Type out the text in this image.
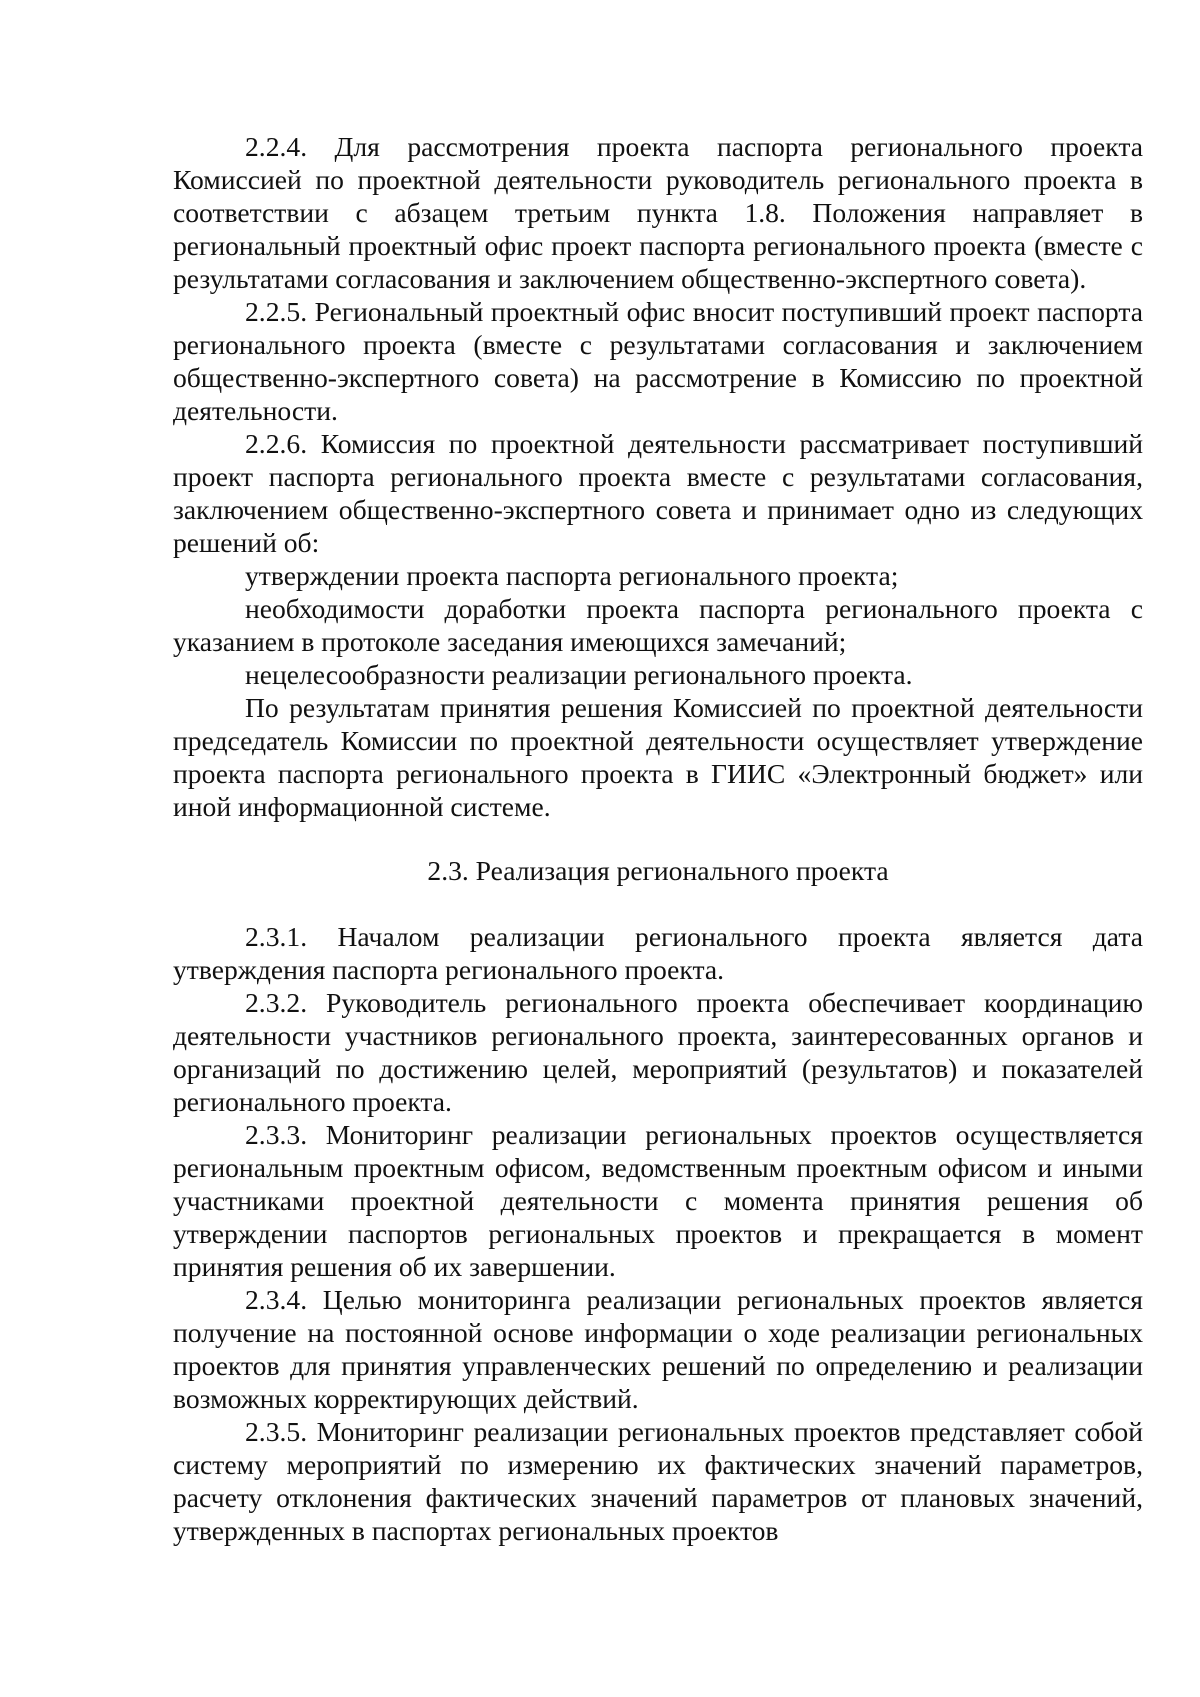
2.2.4. Для рассмотрения проекта паспорта регионального проекта Комиссией по проектной деятельности руководитель регионального проекта в соответствии с абзацем третьим пункта 1.8. Положения направляет в региональный проектный офис проект паспорта регионального проекта (вместе с результатами согласования и заключением общественно-экспертного совета).

2.2.5. Региональный проектный офис вносит поступивший проект паспорта регионального проекта (вместе с результатами согласования и заключением общественно-экспертного совета) на рассмотрение в Комиссию по проектной деятельности.

2.2.6. Комиссия по проектной деятельности рассматривает поступивший проект паспорта регионального проекта вместе с результатами согласования, заключением общественно-экспертного совета и принимает одно из следующих решений об:

утверждении проекта паспорта регионального проекта;

необходимости доработки проекта паспорта регионального проекта с указанием в протоколе заседания имеющихся замечаний;

нецелесообразности реализации регионального проекта.

По результатам принятия решения Комиссией по проектной деятельности председатель Комиссии по проектной деятельности осуществляет утверждение проекта паспорта регионального проекта в ГИИС «Электронный бюджет» или иной информационной системе.

2.3. Реализация регионального проекта

2.3.1. Началом реализации регионального проекта является дата утверждения паспорта регионального проекта.

2.3.2. Руководитель регионального проекта обеспечивает координацию деятельности участников регионального проекта, заинтересованных органов и организаций по достижению целей, мероприятий (результатов) и показателей регионального проекта.

2.3.3. Мониторинг реализации региональных проектов осуществляется региональным проектным офисом, ведомственным проектным офисом и иными участниками проектной деятельности с момента принятия решения об утверждении паспортов региональных проектов и прекращается в момент принятия решения об их завершении.

2.3.4. Целью мониторинга реализации региональных проектов является получение на постоянной основе информации о ходе реализации региональных проектов для принятия управленческих решений по определению и реализации возможных корректирующих действий.

2.3.5. Мониторинг реализации региональных проектов представляет собой систему мероприятий по измерению их фактических значений параметров, расчету отклонения фактических значений параметров от плановых значений, утвержденных в паспортах региональных проектов
